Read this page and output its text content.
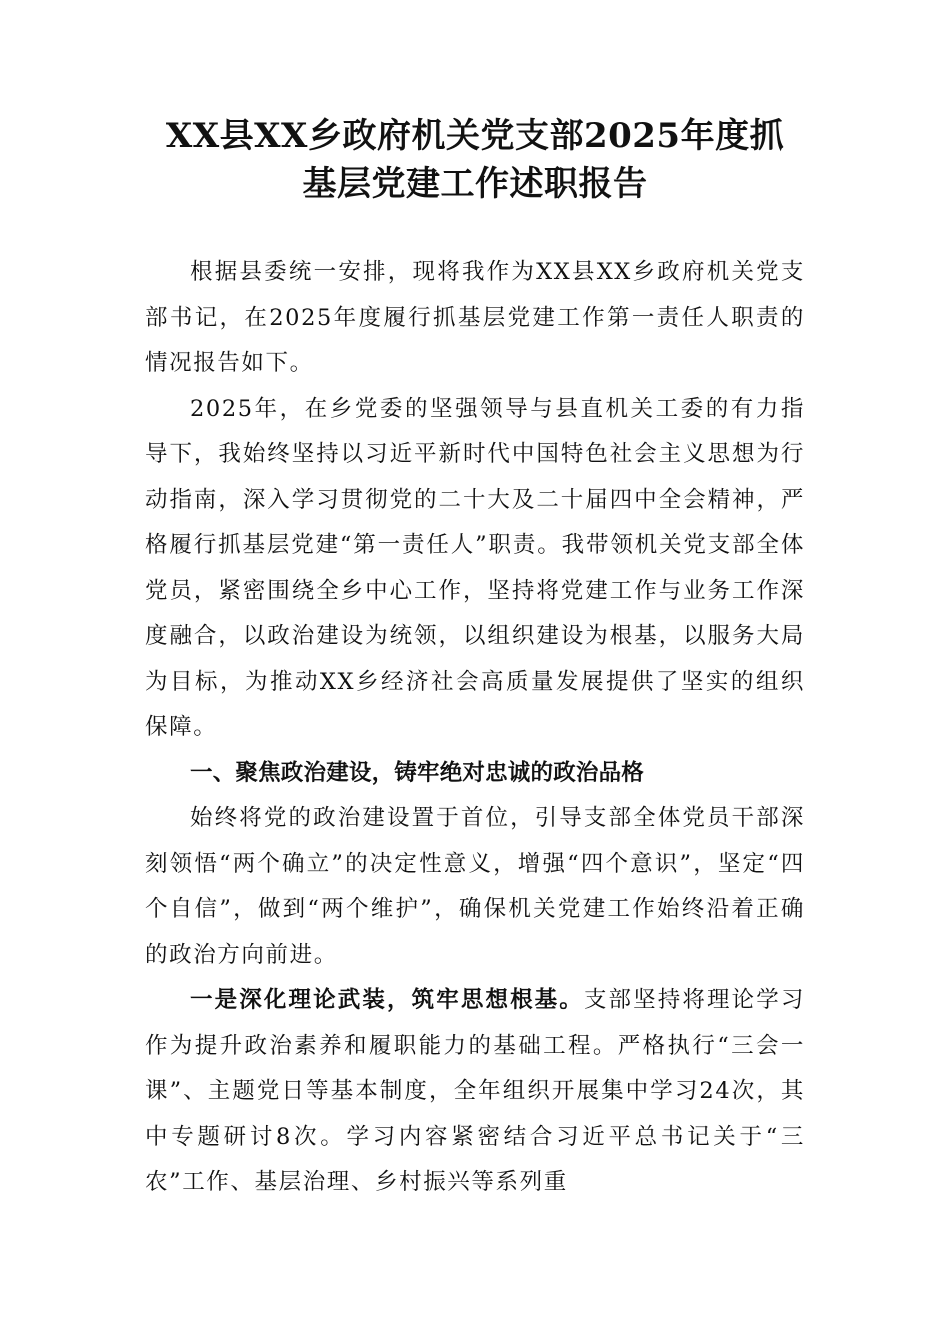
XX县XX乡政府机关党支部2025年度抓
基层党建工作述职报告

根据县委统一安排，现将我作为XX县XX乡政府机关党支部书记，在2025年度履行抓基层党建工作第一责任人职责的情况报告如下。

2025年，在乡党委的坚强领导与县直机关工委的有力指导下，我始终坚持以习近平新时代中国特色社会主义思想为行动指南，深入学习贯彻党的二十大及二十届四中全会精神，严格履行抓基层党建“第一责任人”职责。我带领机关党支部全体党员，紧密围绕全乡中心工作，坚持将党建工作与业务工作深度融合，以政治建设为统领，以组织建设为根基，以服务大局为目标，为推动XX乡经济社会高质量发展提供了坚实的组织保障。

一、聚焦政治建设，铸牢绝对忠诚的政治品格

始终将党的政治建设置于首位，引导支部全体党员干部深刻领悟“两个确立”的决定性意义，增强“四个意识”，坚定“四个自信”，做到“两个维护”，确保机关党建工作始终沿着正确的政治方向前进。

一是深化理论武装，筑牢思想根基。支部坚持将理论学习作为提升政治素养和履职能力的基础工程。严格执行“三会一课”、主题党日等基本制度，全年组织开展集中学习24次，其中专题研讨8次。学习内容紧密结合习近平总书记关于“三农”工作、基层治理、乡村振兴等系列重
